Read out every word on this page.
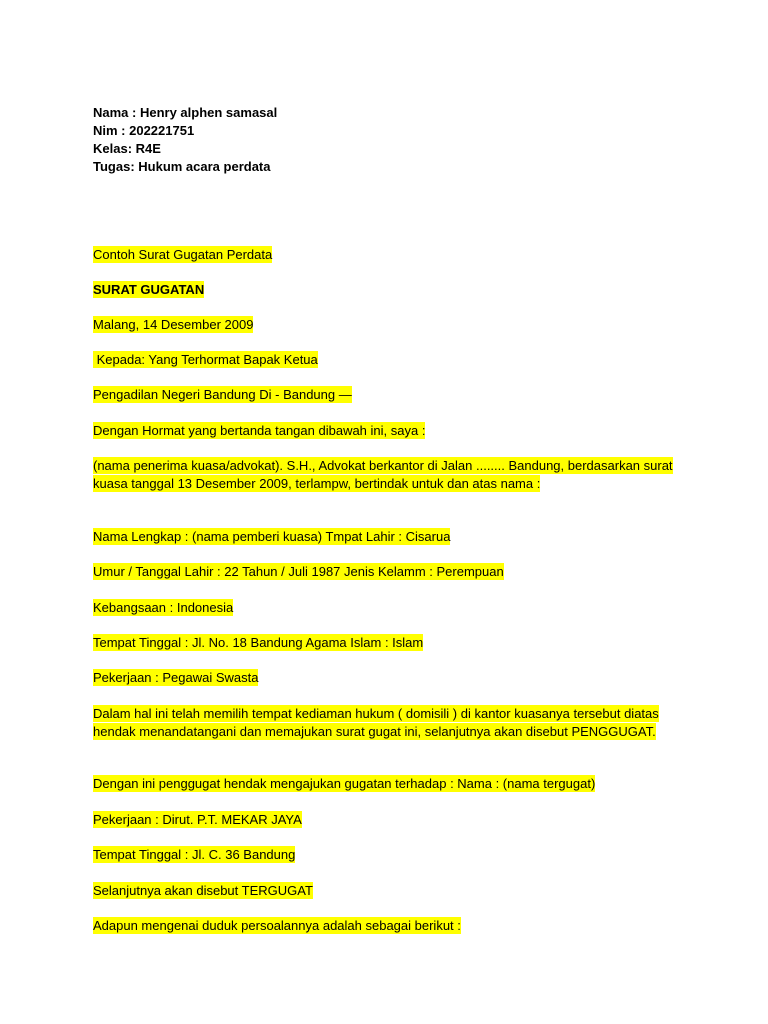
Nama : Henry alphen samasal
Nim : 202221751
Kelas: R4E
Tugas: Hukum acara perdata

Contoh Surat Gugatan Perdata

SURAT GUGATAN

Malang, 14 Desember 2009

Kepada: Yang Terhormat Bapak Ketua

Pengadilan Negeri Bandung Di - Bandung —

Dengan Hormat yang bertanda tangan dibawah ini, saya :

(nama penerima kuasa/advokat). S.H., Advokat berkantor di Jalan ........ Bandung, berdasarkan surat kuasa tanggal 13 Desember 2009, terlampw, bertindak untuk dan atas nama :

Nama Lengkap : (nama pemberi kuasa) Tmpat Lahir : Cisarua

Umur / Tanggal Lahir : 22 Tahun / Juli 1987 Jenis Kelamm : Perempuan

Kebangsaan : Indonesia

Tempat Tinggal : Jl. No. 18 Bandung Agama Islam : Islam

Pekerjaan : Pegawai Swasta

Dalam hal ini telah memilih tempat kediaman hukum ( domisili ) di kantor kuasanya tersebut diatas hendak menandatangani dan memajukan surat gugat ini, selanjutnya akan disebut PENGGUGAT.

Dengan ini penggugat hendak mengajukan gugatan terhadap : Nama : (nama tergugat)

Pekerjaan : Dirut. P.T. MEKAR JAYA

Tempat Tinggal : Jl. C. 36 Bandung

Selanjutnya akan disebut TERGUGAT

Adapun mengenai duduk persoalannya adalah sebagai berikut :
